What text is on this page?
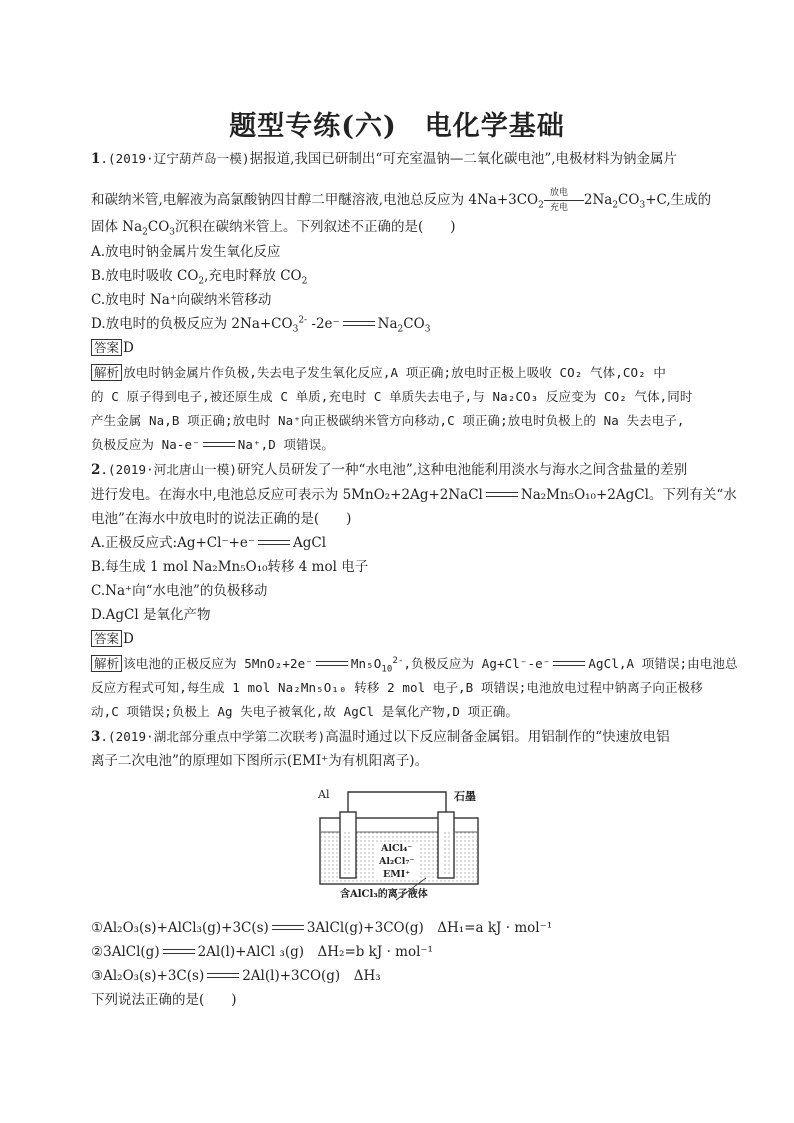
题型专练(六)　电化学基础
1.(2019·辽宁葫芦岛一模)据报道,我国已研制出“可充室温钠—二氧化碳电池”,电极材料为钠金属片
和碳纳米管,电解液为高氯酸钠四甘醇二甲醚溶液,电池总反应为 $4Na+3CO_2$
放电
充电 $2Na_2CO_3+C$,生成的
固体 $Na_2CO_3$沉积在碳纳米管上。下列叙述不正确的是(　　)
A.放电时钠金属片发生氧化反应
B.放电时吸收 $CO_2$,充电时释放 $CO_2$
C.放电时 Na⁺向碳纳米管移动
D.放电时的负极反应为 $2Na+CO_3^{2-}$ -2e⁻	$Na_2CO_3$
答案 D
解析 放电时钠金属片作负极,失去电子发生氧化反应,A 项正确;放电时正极上吸收 CO₂ 气体,CO₂ 中
的 C 原子得到电子,被还原生成 C 单质,充电时 C 单质失去电子,与 Na₂CO₃ 反应变为 CO₂ 气体,同时
产生金属 Na,B 项正确;放电时 Na⁺向正极碳纳米管方向移动,C 项正确;放电时负极上的 Na 失去电子,
负极反应为 Na-e⁻	Na⁺,D 项错误。
2.(2019·河北唐山一模)研究人员研发了一种“水电池”,这种电池能利用淡水与海水之间含盐量的差别
进行发电。在海水中,电池总反应可表示为 5MnO₂+2Ag+2NaCl	Na₂Mn₅O₁₀+2AgCl。下列有关“水
电池”在海水中放电时的说法正确的是(　　)
A.正极反应式:Ag+Cl⁻+e⁻	AgCl
B.每生成 1 mol Na₂Mn₅O₁₀转移 4 mol 电子
C.Na⁺向“水电池”的负极移动
D.AgCl 是氧化产物
答案 D
解析 该电池的正极反应为 5MnO₂+2e⁻	$Mn_5O_{10}^{2-}$,负极反应为 Ag+Cl⁻-e⁻	AgCl,A 项错误;由电池总
反应方程式可知,每生成 1 mol Na₂Mn₅O₁₀ 转移 2 mol 电子,B 项错误;电池放电过程中钠离子向正极移
动,C 项错误;负极上 Ag 失电子被氧化,故 AgCl 是氧化产物,D 项正确。
3.(2019·湖北部分重点中学第二次联考)高温时通过以下反应制备金属铝。用铝制作的“快速放电铝
离子二次电池”的原理如下图所示(EMI⁺为有机阳离子)。
Al	石墨
AlCl₄⁻
Al₂Cl₇⁻
EMI⁺
含AlCl₃的离子液体
①Al₂O₃(s)+AlCl₃(g)+3C(s)	3AlCl(g)+3CO(g)　ΔH₁=a kJ · mol⁻¹
②3AlCl(g)	2Al(l)+AlCl ₃(g)　ΔH₂=b kJ · mol⁻¹
③Al₂O₃(s)+3C(s)	2Al(l)+3CO(g)　ΔH₃
下列说法正确的是(　　)
